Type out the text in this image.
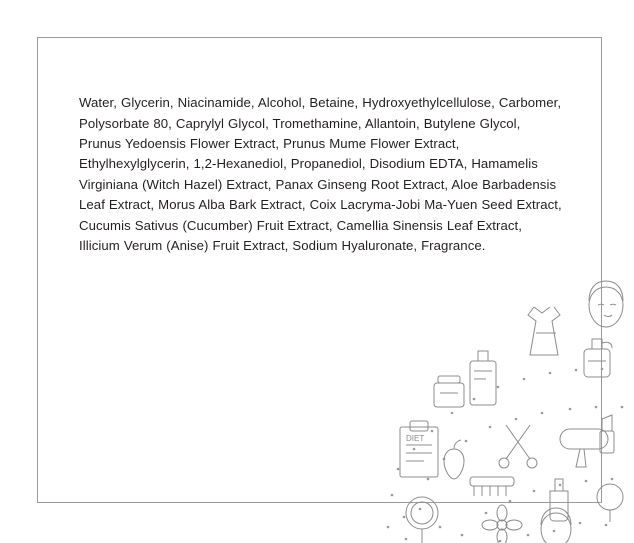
Water, Glycerin, Niacinamide, Alcohol, Betaine, Hydroxyethylcellulose, Carbomer, Polysorbate 80, Caprylyl Glycol, Tromethamine, Allantoin, Butylene Glycol, Prunus Yedoensis Flower Extract, Prunus Mume Flower Extract, Ethylhexylglycerin, 1,2-Hexanediol, Propanediol, Disodium EDTA, Hamamelis Virginiana (Witch Hazel) Extract, Panax Ginseng Root Extract, Aloe Barbadensis Leaf Extract, Morus Alba Bark Extract, Coix Lacryma-Jobi Ma-Yuen Seed Extract, Cucumis Sativus (Cucumber) Fruit Extract, Camellia Sinensis Leaf Extract, Illicium Verum (Anise) Fruit Extract, Sodium Hyaluronate, Fragrance.

DIET
